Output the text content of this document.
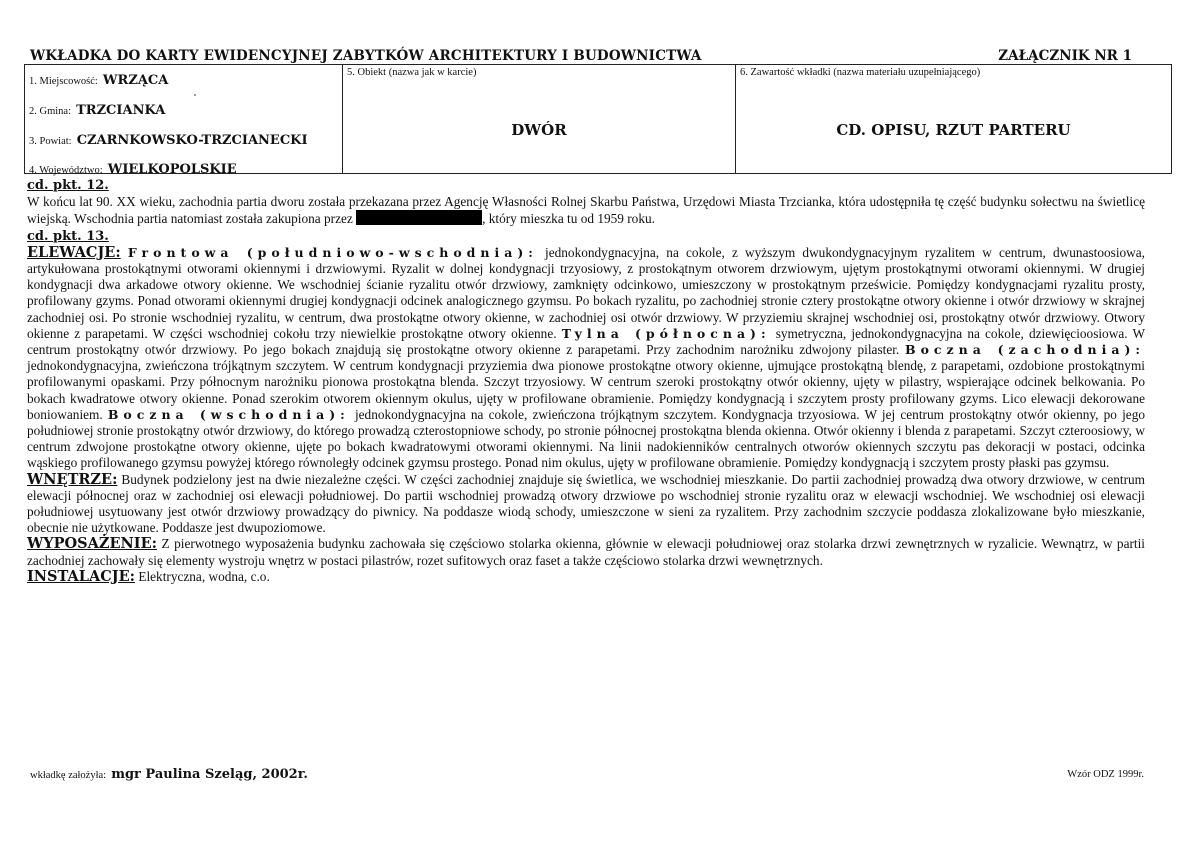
WKŁADKA DO KARTY EWIDENCYJNEJ ZABYTKÓW ARCHITEKTURY I BUDOWNICTWA	ZAŁĄCZNIK NR 1
1. Miejscowość: WRZĄCA
2. Gmina: TRZCIANKA
3. Powiat: CZARNKOWSKO-TRZCIANECKI
4. Województwo: WIELKOPOLSKIE
5. Obiekt (nazwa jak w karcie)
DWÓR
6. Zawartość wkładki (nazwa materiału uzupełniającego)
CD. OPISU, RZUT PARTERU

cd. pkt. 12.
W końcu lat 90. XX wieku, zachodnia partia dworu została przekazana przez Agencję Własności Rolnej Skarbu Państwa, Urzędowi Miasta Trzcianka, która udostępniła tę część budynku sołectwu na świetlicę wiejską. Wschodnia partia natomiast została zakupiona przez	, który mieszka tu od 1959 roku.

cd. pkt. 13.
ELEWACJE: Frontowa (południowo-wschodnia): jednokondygnacyjna, na cokole, z wyższym dwukondygnacyjnym ryzalitem w centrum, dwunastoosiowa, artykułowana prostokątnymi otworami okiennymi i drzwiowymi. Ryzalit w dolnej kondygnacji trzyosiowy, z prostokątnym otworem drzwiowym, ujętym prostokątnymi otworami okiennymi. W drugiej kondygnacji dwa arkadowe otwory okienne. We wschodniej ścianie ryzalitu otwór drzwiowy, zamknięty odcinkowo, umieszczony w prostokątnym prześwicie. Pomiędzy kondygnacjami ryzalitu prosty, profilowany gzyms. Ponad otworami okiennymi drugiej kondygnacji odcinek analogicznego gzymsu. Po bokach ryzalitu, po zachodniej stronie cztery prostokątne otwory okienne i otwór drzwiowy w skrajnej zachodniej osi. Po stronie wschodniej ryzalitu, w centrum, dwa prostokątne otwory okienne, w zachodniej osi otwór drzwiowy. W przyziemiu skrajnej wschodniej osi, prostokątny otwór drzwiowy. Otwory okienne z parapetami. W części wschodniej cokołu trzy niewielkie prostokątne otwory okienne. Tylna (północna): symetryczna, jednokondygnacyjna na cokole, dziewięcioosiowa. W centrum prostokątny otwór drzwiowy. Po jego bokach znajdują się prostokątne otwory okienne z parapetami. Przy zachodnim narożniku zdwojony pilaster. Boczna (zachodnia): jednokondygnacyjna, zwieńczona trójkątnym szczytem. W centrum kondygnacji przyziemia dwa pionowe prostokątne otwory okienne, ujmujące prostokątną blendę, z parapetami, ozdobione prostokątnymi profilowanymi opaskami. Przy północnym narożniku pionowa prostokątna blenda. Szczyt trzyosiowy. W centrum szeroki prostokątny otwór okienny, ujęty w pilastry, wspierające odcinek belkowania. Po bokach kwadratowe otwory okienne. Ponad szerokim otworem okiennym okulus, ujęty w profilowane obramienie. Pomiędzy kondygnacją i szczytem prosty profilowany gzyms. Lico elewacji dekorowane boniowaniem. Boczna (wschodnia): jednokondygnacyjna na cokole, zwieńczona trójkątnym szczytem. Kondygnacja trzyosiowa. W jej centrum prostokątny otwór okienny, po jego południowej stronie prostokątny otwór drzwiowy, do którego prowadzą czterostopniowe schody, po stronie północnej prostokątna blenda okienna. Otwór okienny i blenda z parapetami. Szczyt czteroosiowy, w centrum zdwojone prostokątne otwory okienne, ujęte po bokach kwadratowymi otworami okiennymi. Na linii nadokienników centralnych otworów okiennych szczytu pas dekoracji w postaci, odcinka wąskiego profilowanego gzymsu powyżej którego równoległy odcinek gzymsu prostego. Ponad nim okulus, ujęty w profilowane obramienie. Pomiędzy kondygnacją i szczytem prosty płaski pas gzymsu.

WNĘTRZE: Budynek podzielony jest na dwie niezależne części. W części zachodniej znajduje się świetlica, we wschodniej mieszkanie. Do partii zachodniej prowadzą dwa otwory drzwiowe, w centrum elewacji północnej oraz w zachodniej osi elewacji południowej. Do partii wschodniej prowadzą otwory drzwiowe po wschodniej stronie ryzalitu oraz w elewacji wschodniej. We wschodniej osi elewacji południowej usytuowany jest otwór drzwiowy prowadzący do piwnicy. Na poddasze wiodą schody, umieszczone w sieni za ryzalitem. Przy zachodnim szczycie poddasza zlokalizowane było mieszkanie, obecnie nie użytkowane. Poddasze jest dwupoziomowe.

WYPOSAŻENIE: Z pierwotnego wyposażenia budynku zachowała się częściowo stolarka okienna, głównie w elewacji południowej oraz stolarka drzwi zewnętrznych w ryzalicie. Wewnątrz, w partii zachodniej zachowały się elementy wystroju wnętrz w postaci pilastrów, rozet sufitowych oraz faset a także częściowo stolarka drzwi wewnętrznych.

INSTALACJE: Elektryczna, wodna, c.o.

wkładkę założyła: mgr Paulina Szeląg, 2002r.	Wzór ODZ 1999r.
